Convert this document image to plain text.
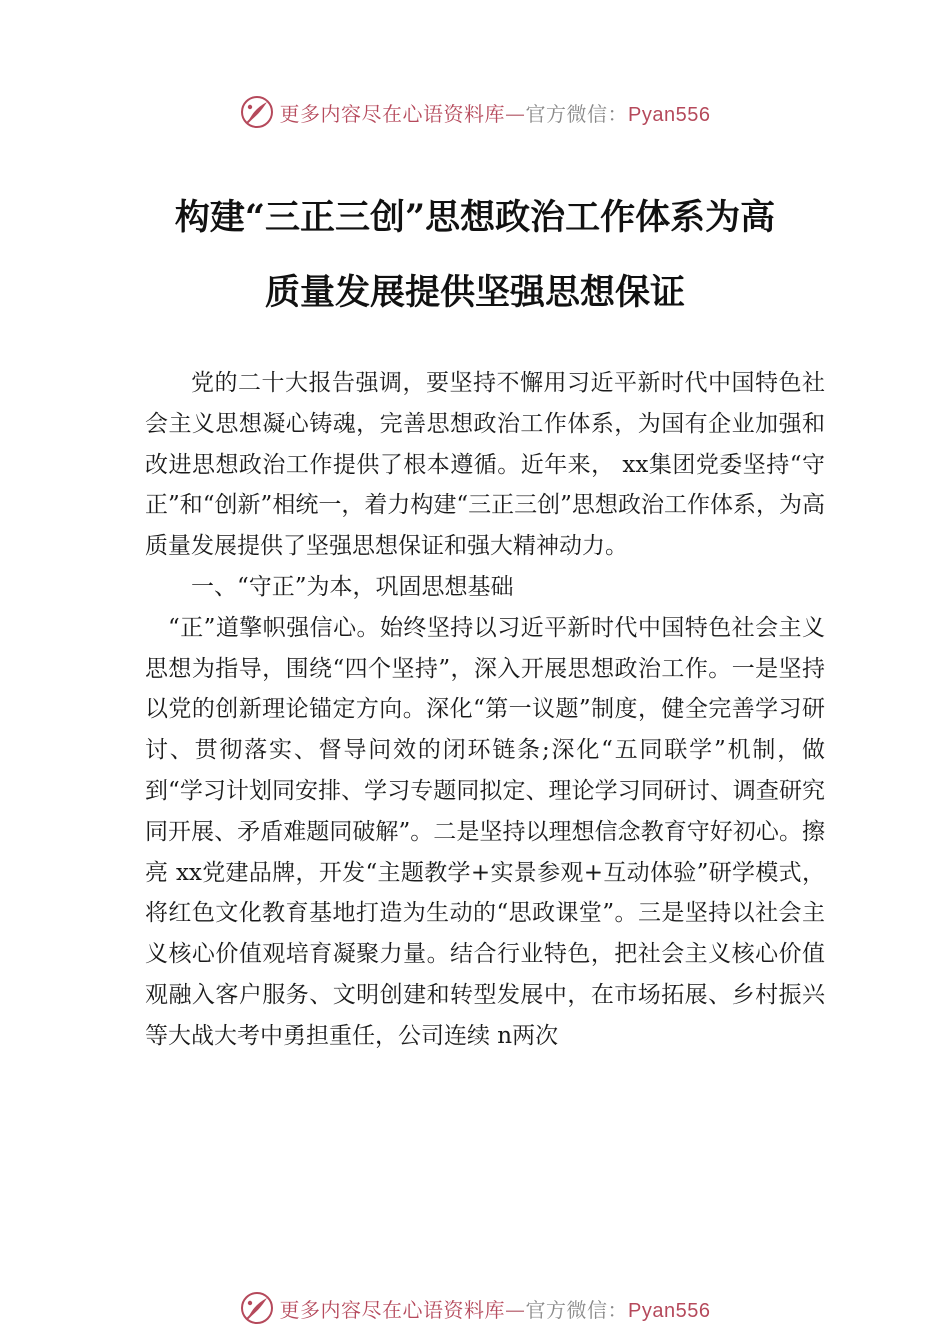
更多内容尽在心语资料库—官方微信：Pyan556
构建“三正三创”思想政治工作体系为高
质量发展提供坚强思想保证

党的二十大报告强调，要坚持不懈用习近平新时代中国特色社会主义思想凝心铸魂，完善思想政治工作体系，为国有企业加强和改进思想政治工作提供了根本遵循。近年来， xx集团党委坚持“守正”和“创新”相统一，着力构建“三正三创”思想政治工作体系，为高质量发展提供了坚强思想保证和强大精神动力。

一、“守正”为本，巩固思想基础

“正”道擎帜强信心。始终坚持以习近平新时代中国特色社会主义思想为指导，围绕“四个坚持”，深入开展思想政治工作。一是坚持以党的创新理论锚定方向。深化“第一议题”制度，健全完善学习研讨、贯彻落实、督导问效的闭环链条;深化“五同联学”机制，做到“学习计划同安排、学习专题同拟定、理论学习同研讨、调查研究同开展、矛盾难题同破解”。二是坚持以理想信念教育守好初心。擦亮 xx党建品牌，开发“主题教学+实景参观+互动体验”研学模式，将红色文化教育基地打造为生动的“思政课堂”。三是坚持以社会主义核心价值观培育凝聚力量。结合行业特色，把社会主义核心价值观融入客户服务、文明创建和转型发展中，在市场拓展、乡村振兴等大战大考中勇担重任，公司连续 n两次

更多内容尽在心语资料库—官方微信：Pyan556
